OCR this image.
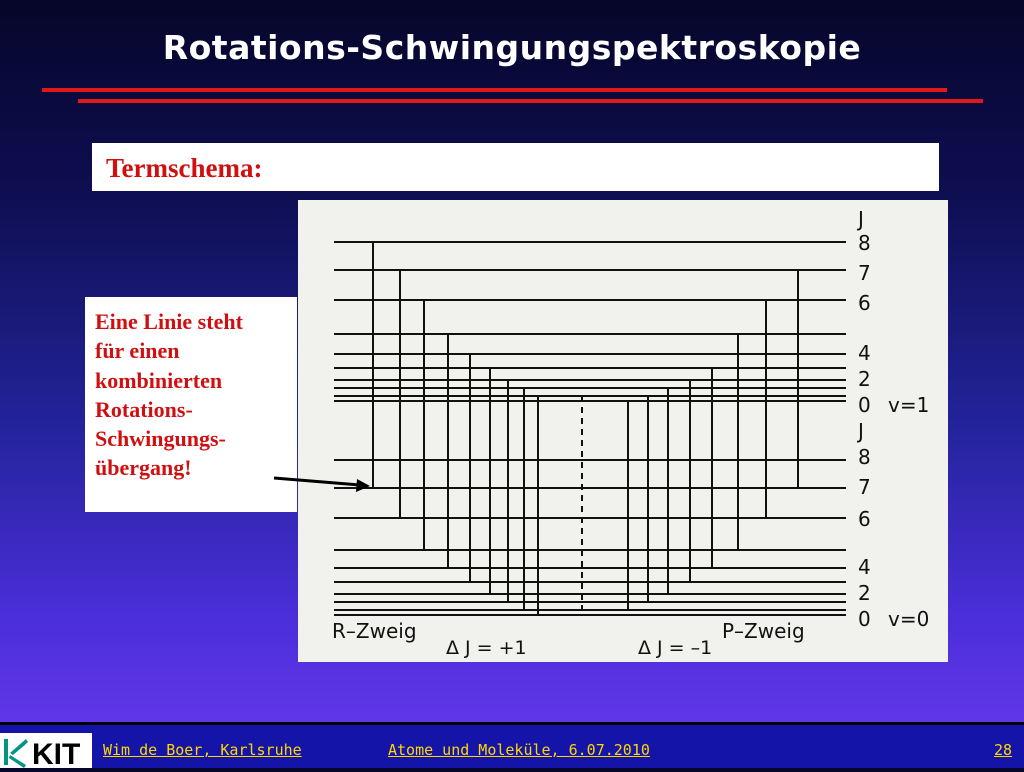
Rotations-Schwingungspektroskopie
Termschema:
Eine Linie steht
für einen
kombinierten
Rotations-
Schwingungs-
übergang!
J
8
7
6
4
2
0 v=1
J
8
7
6
4
2
0 v=0
R–Zweig	P–Zweig
Δ J = +1	Δ J = –1
KIT Wim de Boer, Karlsruhe	Atome und Moleküle, 6.07.2010	28
